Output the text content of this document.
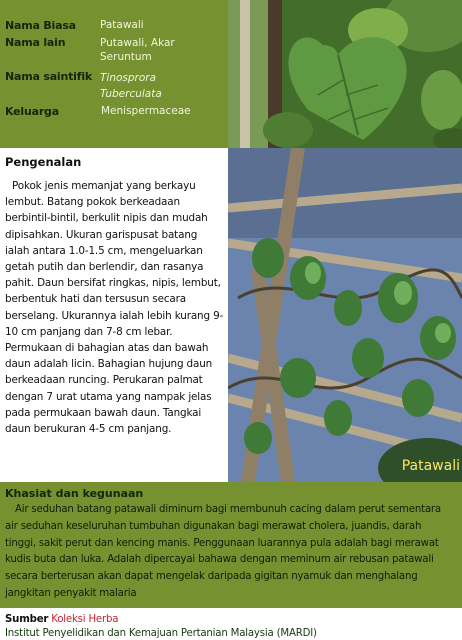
Nama Biasa Patawali
Nama lain	Putawali, Akar Seruntum
Nama saintifik Tinosprora
Tuberculata
Keluarga	Menispermaceae
Patawali
Pengenalan

Pokok jenis memanjat yang berkayu lembut. Batang pokok berkeadaan berbintil-bintil, berkulit nipis dan mudah dipisahkan. Ukuran garispusat batang ialah antara 1.0-1.5 cm, mengeluarkan getah putih dan berlendir, dan rasanya pahit. Daun bersifat ringkas, nipis, lembut, berbentuk hati dan tersusun secara berselang. Ukurannya ialah lebih kurang 9-10 cm panjang dan 7-8 cm lebar. Permukaan di bahagian atas dan bawah daun adalah licin. Bahagian hujung daun berkeadaan runcing. Perukaran palmat dengan 7 urat utama yang nampak jelas pada permukaan bawah daun. Tangkai daun berukuran 4-5 cm panjang.

Khasiat dan kegunaan

Air seduhan batang patawali diminum bagi membunuh cacing dalam perut sementara air seduhan keseluruhan tumbuhan digunakan bagi merawat cholera, juandis, darah tinggi, sakit perut dan kencing manis. Penggunaan luarannya pula adalah bagi merawat kudis buta dan luka. Adalah dipercayai bahawa dengan meminum air rebusan patawali secara berterusan akan dapat mengelak daripada gigitan nyamuk dan menghalang jangkitan penyakit malaria

Sumber Koleksi Herba
Institut Penyelidikan dan Kemajuan Pertanian Malaysia (MARDI)
